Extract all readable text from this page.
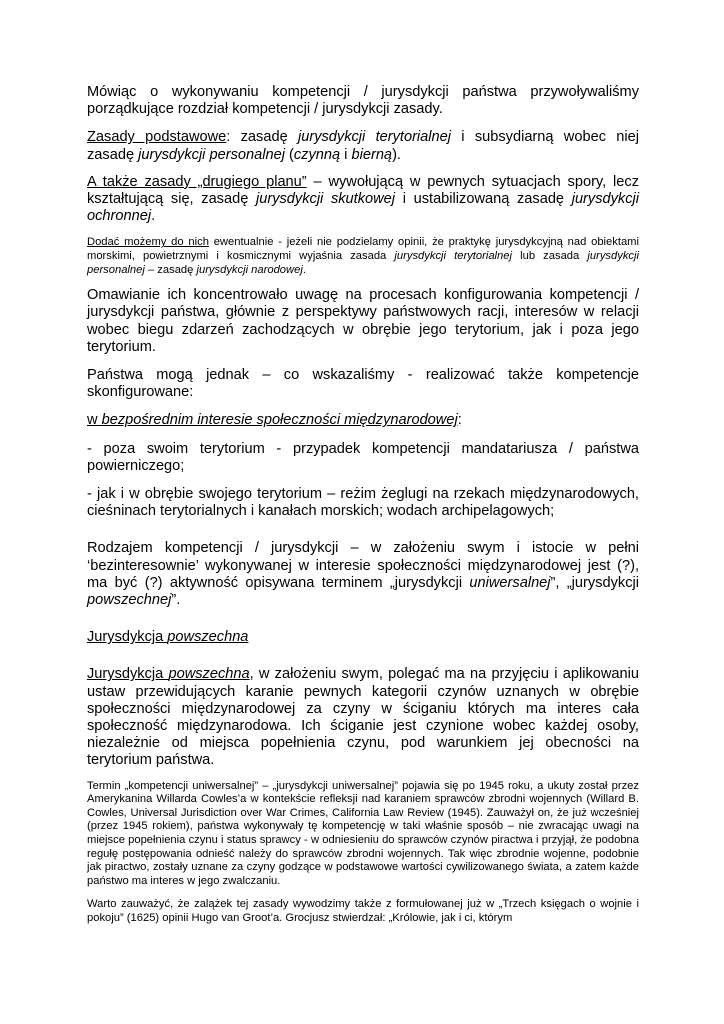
Mówiąc o wykonywaniu kompetencji / jurysdykcji państwa przywoływaliśmy porządkujące rozdział kompetencji / jurysdykcji zasady.

Zasady podstawowe: zasadę jurysdykcji terytorialnej i subsydiarną wobec niej zasadę jurysdykcji personalnej (czynną i bierną).

A także zasady „drugiego planu” – wywołującą w pewnych sytuacjach spory, lecz kształtującą się, zasadę jurysdykcji skutkowej i ustabilizowaną zasadę jurysdykcji ochronnej.

Dodać możemy do nich ewentualnie - jeżeli nie podzielamy opinii, że praktykę jurysdykcyjną nad obiektami morskimi, powietrznymi i kosmicznymi wyjaśnia zasada jurysdykcji terytorialnej lub zasada jurysdykcji personalnej – zasadę jurysdykcji narodowej.

Omawianie ich koncentrowało uwagę na procesach konfigurowania kompetencji / jurysdykcji państwa, głównie z perspektywy państwowych racji, interesów w relacji wobec biegu zdarzeń zachodzących w obrębie jego terytorium, jak i poza jego terytorium.

Państwa mogą jednak – co wskazaliśmy - realizować także kompetencje skonfigurowane:

w bezpośrednim interesie społeczności międzynarodowej:

- poza swoim terytorium - przypadek kompetencji mandatariusza / państwa powierniczego;

- jak i w obrębie swojego terytorium – reżim żeglugi na rzekach międzynarodowych, cieśninach terytorialnych i kanałach morskich; wodach archipelagowych;

Rodzajem kompetencji / jurysdykcji – w założeniu swym i istocie w pełni ‘bezinteresownie’ wykonywanej w interesie społeczności międzynarodowej jest (?), ma być (?) aktywność opisywana terminem „jurysdykcji uniwersalnej”, „jurysdykcji powszechnej”.

Jurysdykcja powszechna

Jurysdykcja powszechna, w założeniu swym, polegać ma na przyjęciu i aplikowaniu ustaw przewidujących karanie pewnych kategorii czynów uznanych w obrębie społeczności międzynarodowej za czyny w ściganiu których ma interes cała społeczność międzynarodowa. Ich ściganie jest czynione wobec każdej osoby, niezależnie od miejsca popełnienia czynu, pod warunkiem jej obecności na terytorium państwa.

Termin „kompetencji uniwersalnej” – „jurysdykcji uniwersalnej” pojawia się po 1945 roku, a ukuty został przez Amerykanina Willarda Cowles’a w kontekście refleksji nad karaniem sprawców zbrodni wojennych (Willard B. Cowles, Universal Jurisdiction over War Crimes, California Law Review (1945). Zauważył on, że już wcześniej (przez 1945 rokiem), państwa wykonywały tę kompetencję w taki właśnie sposób – nie zwracając uwagi na miejsce popełnienia czynu i status sprawcy - w odniesieniu do sprawców czynów piractwa i przyjął, że podobna regułę postępowania odnieść należy do sprawców zbrodni wojennych. Tak więc zbrodnie wojenne, podobnie jak piractwo, zostały uznane za czyny godzące w podstawowe wartości cywilizowanego świata, a zatem każde państwo ma interes w jego zwalczaniu.

Warto zauważyć, że zalążek tej zasady wywodzimy także z formułowanej już w „Trzech księgach o wojnie i pokoju” (1625) opinii Hugo van Groot’a. Grocjusz stwierdzał: „Królowie, jak i ci, którym
